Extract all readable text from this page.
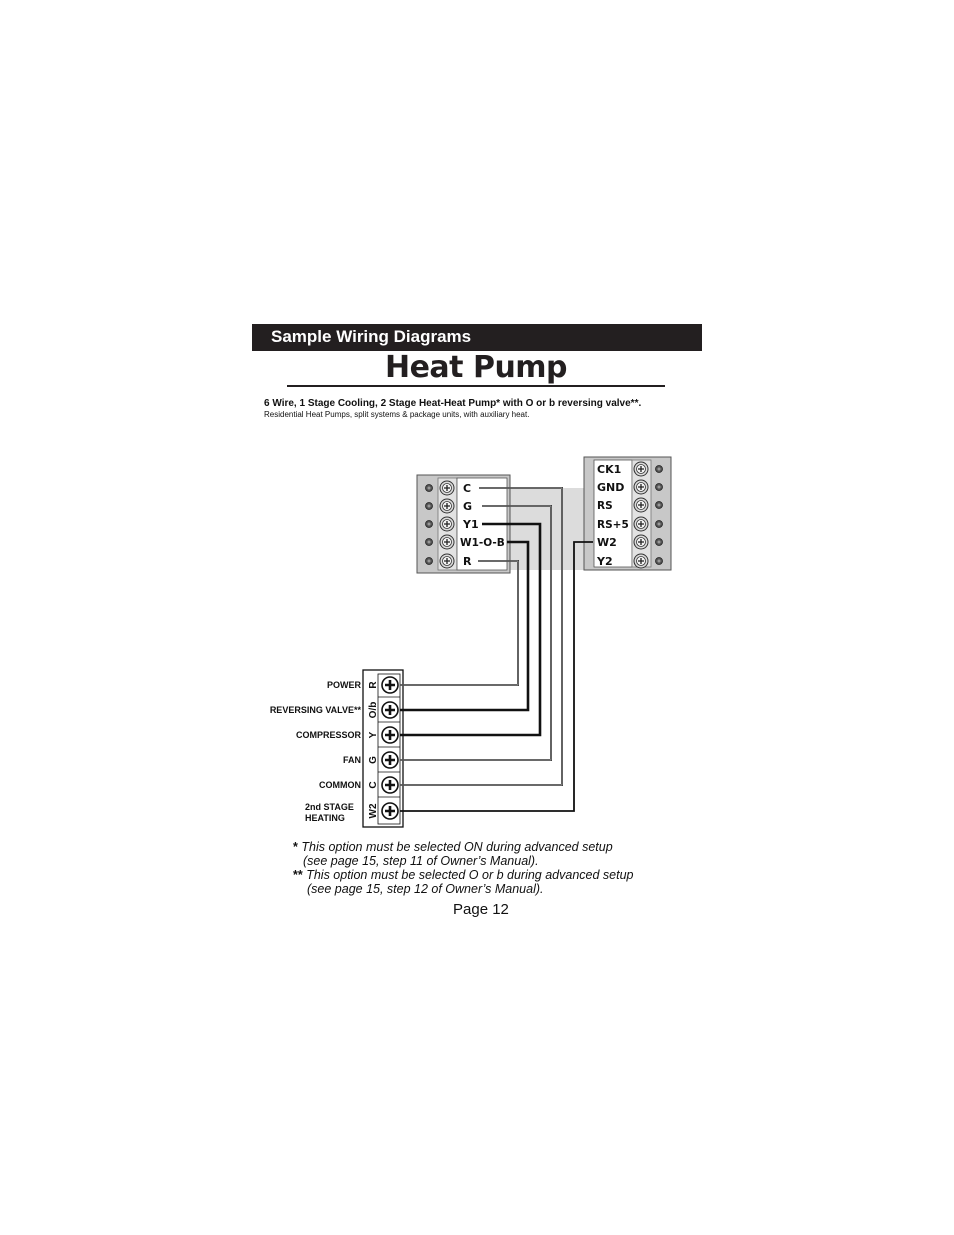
Sample Wiring Diagrams
Heat Pump
6 Wire, 1 Stage Cooling, 2 Stage Heat-Heat Pump* with O or b reversing valve**.
Residential Heat Pumps, split systems & package units, with auxiliary heat.
C
G
Y1
W1-O-B
R
CK1
GND
RS
RS+5
W2
Y2
R
O/b
Y
G
C
W2
POWER
REVERSING VALVE**
COMPRESSOR
FAN
COMMON
2nd STAGE
HEATING
* This option must be selected ON during advanced setup
(see page 15, step 11 of Owner’s Manual).
** This option must be selected O or b during advanced setup
(see page 15, step 12 of Owner’s Manual).
Page 12
